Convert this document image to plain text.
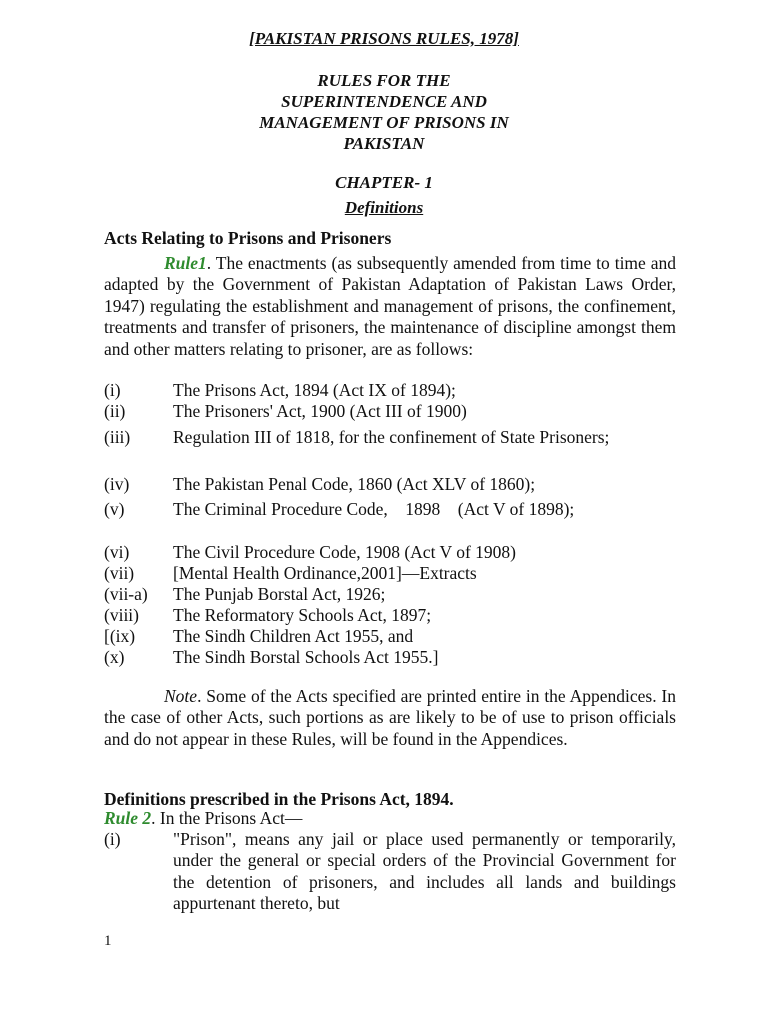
[PAKISTAN PRISONS RULES, 1978]
RULES FOR THE
SUPERINTENDENCE AND
MANAGEMENT OF PRISONS IN
PAKISTAN
CHAPTER- 1
Definitions
Acts Relating to Prisons and Prisoners

Rule1. The enactments (as subsequently amended from time to time and adapted by the Government of Pakistan Adaptation of Pakistan Laws Order, 1947) regulating the establishment and management of prisons, the confinement, treatments and transfer of prisoners, the maintenance of discipline amongst them and other matters relating to prisoner, are as follows:

(i)	The Prisons Act, 1894 (Act IX of 1894);
(ii)	The Prisoners' Act, 1900 (Act III of 1900)
(iii) Regulation III of 1818, for the confinement of State Prisoners;
(iv) The Pakistan Penal Code, 1860 (Act XLV of 1860);
(v)	The Criminal Procedure Code,    1898    (Act V of 1898);
(vi) The Civil Procedure Code, 1908 (Act V of 1908)
(vii) [Mental Health Ordinance,2001]—Extracts
(vii-a) The Punjab Borstal Act, 1926;
(viii) The Reformatory Schools Act, 1897;
[(ix) The Sindh Children Act 1955, and
(x)	The Sindh Borstal Schools Act 1955.]

Note. Some of the Acts specified are printed entire in the Appendices. In the case of other Acts, such portions as are likely to be of use to prison officials and do not appear in these Rules, will be found in the Appendices.

Definitions prescribed in the Prisons Act, 1894.
Rule 2. In the Prisons Act—
(i)	"Prison", means any jail or place used permanently or temporarily, under the general or special orders of the Provincial Government for the detention of prisoners, and includes all lands and buildings appurtenant thereto, but
1
